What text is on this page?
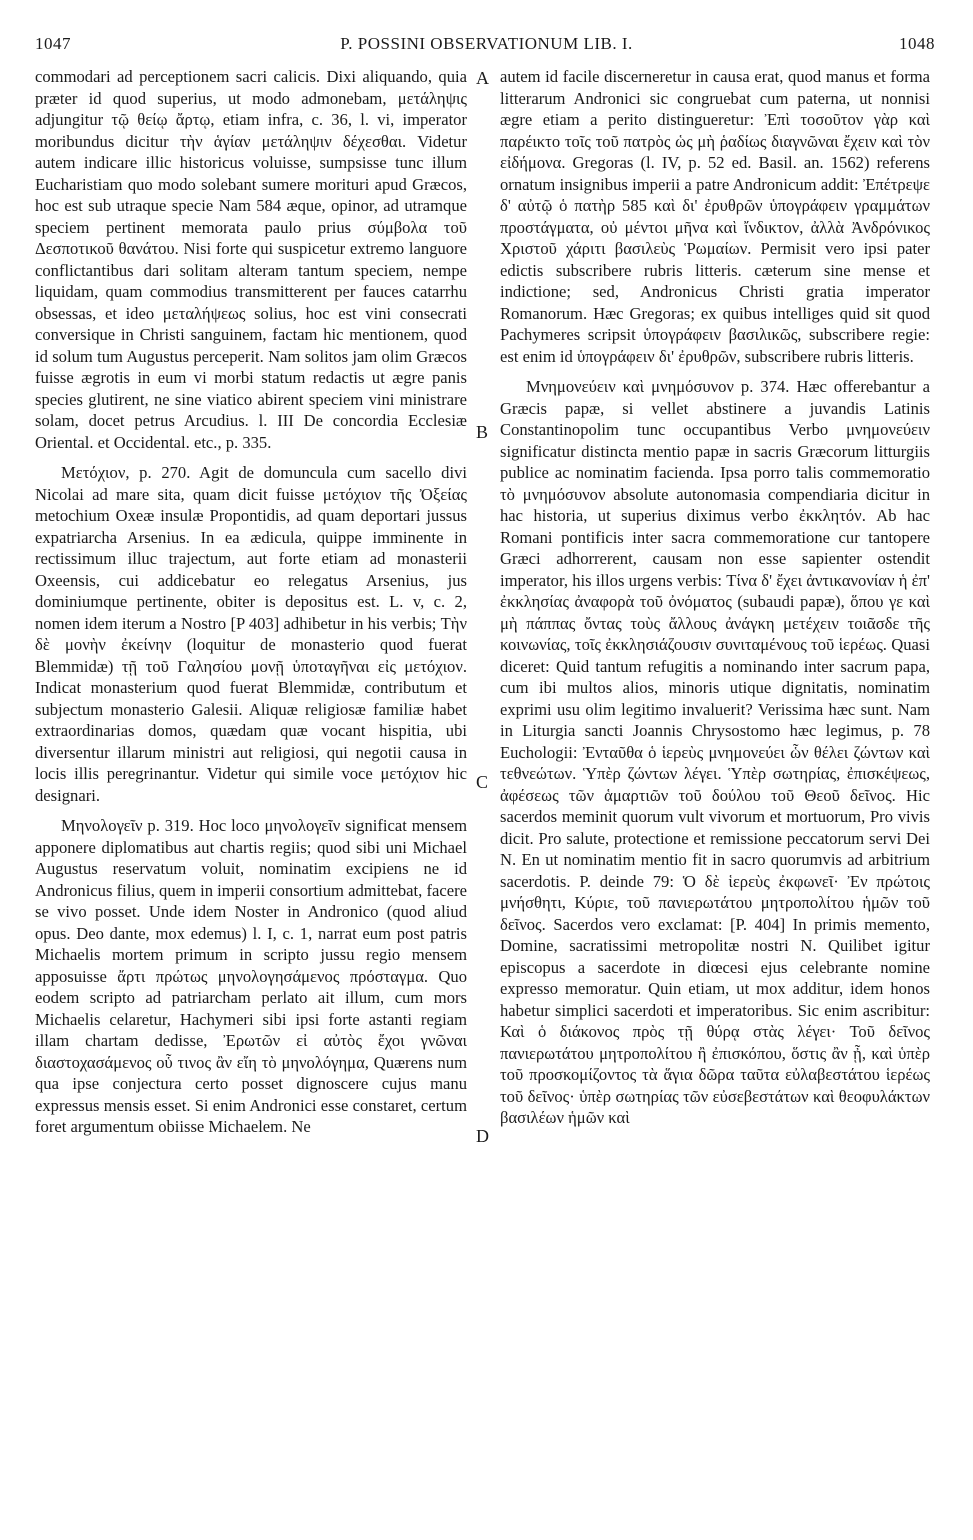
1047	P. POSSINI OBSERVATIONUM LIB. I.	1048

commodari ad perceptionem sacri calicis. Dixi aliquando, quia præter id quod superius, ut modo admonebam, μετάληψις adjungitur τῷ θείῳ ἄρτῳ, etiam infra, c. 36, l. vi, imperator moribundus dicitur τὴν ἁγίαν μετάληψιν δέχεσθαι. Videtur autem indicare illic historicus voluisse, sumpsisse tunc illum Eucharistiam quo modo solebant sumere morituri apud Græcos, hoc est sub utraque specie Nam 584 æque, opinor, ad utramque speciem pertinent memorata paulo prius σύμβολα τοῦ Δεσποτικοῦ θανάτου. Nisi forte qui suspicetur extremo languore conflictantibus dari solitam alteram tantum speciem, nempe liquidam, quam commodius transmitterent per fauces catarrhu obsessas, et ideo μεταλήψεως solius, hoc est vini consecrati conversique in Christi sanguinem, factam hic mentionem, quod id solum tum Augustus perceperit. Nam solitos jam olim Græcos fuisse ægrotis in eum vi morbi statum redactis ut ægre panis species glutirent, ne sine viatico abirent speciem vini ministrare solam, docet petrus Arcudius. l. III De concordia Ecclesiæ Oriental. et Occidental. etc., p. 335.

Μετόχιον, p. 270. Agit de domuncula cum sacello divi Nicolai ad mare sita, quam dicit fuisse μετόχιον τῆς Ὀξείας metochium Oxeæ insulæ Propontidis, ad quam deportari jussus expatriarcha Arsenius. In ea ædicula, quippe imminente in rectissimum illuc trajectum, aut forte etiam ad monasterii Oxeensis, cui addicebatur eo relegatus Arsenius, jus dominiumque pertinente, obiter is depositus est. L. v, c. 2, nomen idem iterum a Nostro [P 403] adhibetur in his verbis; Τὴν δὲ μονὴν ἐκείνην (loquitur de monasterio quod fuerat Blemmidæ) τῇ τοῦ Γαλησίου μονῇ ὑποταγῆναι εἰς μετόχιον. Indicat monasterium quod fuerat Blemmidæ, contributum et subjectum monasterio Galesii. Aliquæ religiosæ familiæ habet extraordinarias domos, quædam quæ vocant hispitia, ubi diversentur illarum ministri aut religiosi, qui negotii causa in locis illis peregrinantur. Videtur qui simile voce μετόχιον hic designari.

Μηνολογεῖν p. 319. Hoc loco μηνολογεῖν significat mensem apponere diplomatibus aut chartis regiis; quod sibi uni Michael Augustus reservatum voluit, nominatim excipiens ne id Andronicus filius, quem in imperii consortium admittebat, facere se vivo posset. Unde idem Noster in Andronico (quod aliud opus. Deo dante, mox edemus) l. I, c. 1, narrat eum post patris Michaelis mortem primum in scripto jussu regio mensem apposuisse ἄρτι πρώτως μηνολογησάμενος πρόσταγμα. Quo eodem scripto ad patriarcham perlato ait illum, cum mors Michaelis celaretur, Hachymeri sibi ipsi forte astanti regiam illam chartam dedisse, Ἐρωτῶν εἰ αὐτὸς ἔχοι γνῶναι διαστοχασάμενος οὗ τινος ἂν εἴη τὸ μηνολόγημα, Quærens num qua ipse conjectura certo posset dignoscere cujus manu expressus mensis esset. Si enim Andronici esse constaret, certum foret argumentum obiisse Michaelem. Ne

A
B
C
D

autem id facile discerneretur in causa erat, quod manus et forma litterarum Andronici sic congruebat cum paterna, ut nonnisi ægre etiam a perito distingueretur: Ἐπὶ τοσοῦτον γὰρ καὶ παρέικτο τοῖς τοῦ πατρὸς ὡς μὴ ῥαδίως διαγνῶναι ἔχειν καὶ τὸν εἰδήμονα. Gregoras (l. IV, p. 52 ed. Basil. an. 1562) referens ornatum insignibus imperii a patre Andronicum addit: Ἐπέτρεψε δ' αὐτῷ ὁ πατὴρ 585 καὶ δι' ἐρυθρῶν ὑπογράφειν γραμμάτων προστάγματα, οὐ μέντοι μῆνα καὶ ἴνδικτον, ἀλλὰ Ἀνδρόνικος Χριστοῦ χάριτι βασιλεὺς Ῥωμαίων. Permisit vero ipsi pater edictis subscribere rubris litteris. cæterum sine mense et indictione; sed, Andronicus Christi gratia imperator Romanorum. Hæc Gregoras; ex quibus intelliges quid sit quod Pachymeres scripsit ὑπογράφειν βασιλικῶς, subscribere regie: est enim id ὑπογράφειν δι' ἐρυθρῶν, subscribere rubris litteris.

Μνημονεύειν καὶ μνημόσυνον p. 374. Hæc offerebantur a Græcis papæ, si vellet abstinere a juvandis Latinis Constantinopolim tunc occupantibus Verbo μνημονεύειν significatur distincta mentio papæ in sacris Græcorum litturgiis publice ac nominatim facienda. Ipsa porro talis commemoratio τὸ μνημόσυνον absolute autonomasia compendiaria dicitur in hac historia, ut superius diximus verbo ἐκκλητόν. Ab hac Romani pontificis inter sacra commemoratione cur tantopere Græci adhorrerent, causam non esse sapienter ostendit imperator, his illos urgens verbis: Τίνα δ' ἔχει ἀντικανονίαν ἡ ἐπ' ἐκκλησίας ἀναφορὰ τοῦ ὀνόματος (subaudi papæ), ὅπου γε καὶ μὴ πάππας ὄντας τοὺς ἄλλους ἀνάγκη μετέχειν τοιᾶσδε τῆς κοινωνίας, τοῖς ἐκκλησιάζουσιν συνιταμένους τοῦ ἱερέως. Quasi diceret: Quid tantum refugitis a nominando inter sacrum papa, cum ibi multos alios, minoris utique dignitatis, nominatim exprimi usu olim legitimo invaluerit? Verissima hæc sunt. Nam in Liturgia sancti Joannis Chrysostomo hæc legimus, p. 78 Euchologii: Ἐνταῦθα ὁ ἱερεὺς μνημονεύει ὧν θέλει ζώντων καὶ τεθνεώτων. Ὑπὲρ ζώντων λέγει. Ὑπὲρ σωτηρίας, ἐπισκέψεως, ἀφέσεως τῶν ἁμαρτιῶν τοῦ δούλου τοῦ Θεοῦ δεῖνος. Hic sacerdos meminit quorum vult vivorum et mortuorum, Pro vivis dicit. Pro salute, protectione et remissione peccatorum servi Dei N. En ut nominatim mentio fit in sacro quorumvis ad arbitrium sacerdotis. P. deinde 79: Ὁ δὲ ἱερεὺς ἐκφωνεῖ· Ἐν πρώτοις μνήσθητι, Κύριε, τοῦ πανιερωτάτου μητροπολίτου ἡμῶν τοῦ δεῖνος. Sacerdos vero exclamat: [P. 404] In primis memento, Domine, sacratissimi metropolitæ nostri N. Quilibet igitur episcopus a sacerdote in diœcesi ejus celebrante nomine expresso memoratur. Quin etiam, ut mox additur, idem honos habetur simplici sacerdoti et imperatoribus. Sic enim ascribitur: Καὶ ὁ διάκονος πρὸς τῇ θύρᾳ στὰς λέγει· Τοῦ δεῖνος πανιερωτάτου μητροπολίτου ἢ ἐπισκόπου, ὅστις ἂν ᾖ, καὶ ὑπὲρ τοῦ προσκομίζοντος τὰ ἅγια δῶρα ταῦτα εὐλαβεστάτου ἱερέως τοῦ δεῖνος· ὑπὲρ σωτηρίας τῶν εὐσεβεστάτων καὶ θεοφυλάκτων βασιλέων ἡμῶν καὶ
